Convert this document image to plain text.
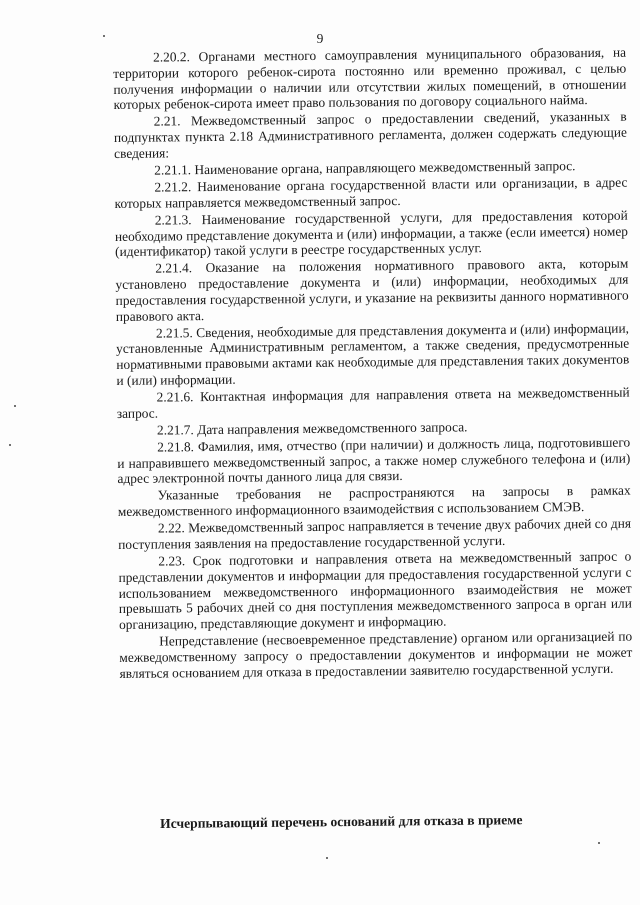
9

2.20.2. Органами местного самоуправления муниципального образования, на территории которого ребенок-сирота постоянно или временно проживал, с целью получения информации о наличии или отсутствии жилых помещений, в отношении которых ребенок-сирота имеет право пользования по договору социального найма.

2.21. Межведомственный запрос о предоставлении сведений, указанных в подпунктах пункта 2.18 Административного регламента, должен содержать следующие сведения:

2.21.1. Наименование органа, направляющего межведомственный запрос.

2.21.2. Наименование органа государственной власти или организации, в адрес которых направляется межведомственный запрос.

2.21.3. Наименование государственной услуги, для предоставления которой необходимо представление документа и (или) информации, а также (если имеется) номер (идентификатор) такой услуги в реестре государственных услуг.

2.21.4. Оказание на положения нормативного правового акта, которым установлено предоставление документа и (или) информации, необходимых для предоставления государственной услуги, и указание на реквизиты данного нормативного правового акта.

2.21.5. Сведения, необходимые для представления документа и (или) информации, установленные Административным регламентом, а также сведения, предусмотренные нормативными правовыми актами как необходимые для представления таких документов и (или) информации.

2.21.6. Контактная информация для направления ответа на межведомственный запрос.

2.21.7. Дата направления межведомственного запроса.

2.21.8. Фамилия, имя, отчество (при наличии) и должность лица, подготовившего и направившего межведомственный запрос, а также номер служебного телефона и (или) адрес электронной почты данного лица для связи.

Указанные требования не распространяются на запросы в рамках межведомственного информационного взаимодействия с использованием СМЭВ.

2.22. Межведомственный запрос направляется в течение двух рабочих дней со дня поступления заявления на предоставление государственной услуги.

2.23. Срок подготовки и направления ответа на межведомственный запрос о представлении документов и информации для предоставления государственной услуги с использованием межведомственного информационного взаимодействия не может превышать 5 рабочих дней со дня поступления межведомственного запроса в орган или организацию, представляющие документ и информацию.

Непредставление (несвоевременное представление) органом или организацией по межведомственному запросу о предоставлении документов и информации не может являться основанием для отказа в предоставлении заявителю государственной услуги.

Исчерпывающий перечень оснований для отказа в приеме
